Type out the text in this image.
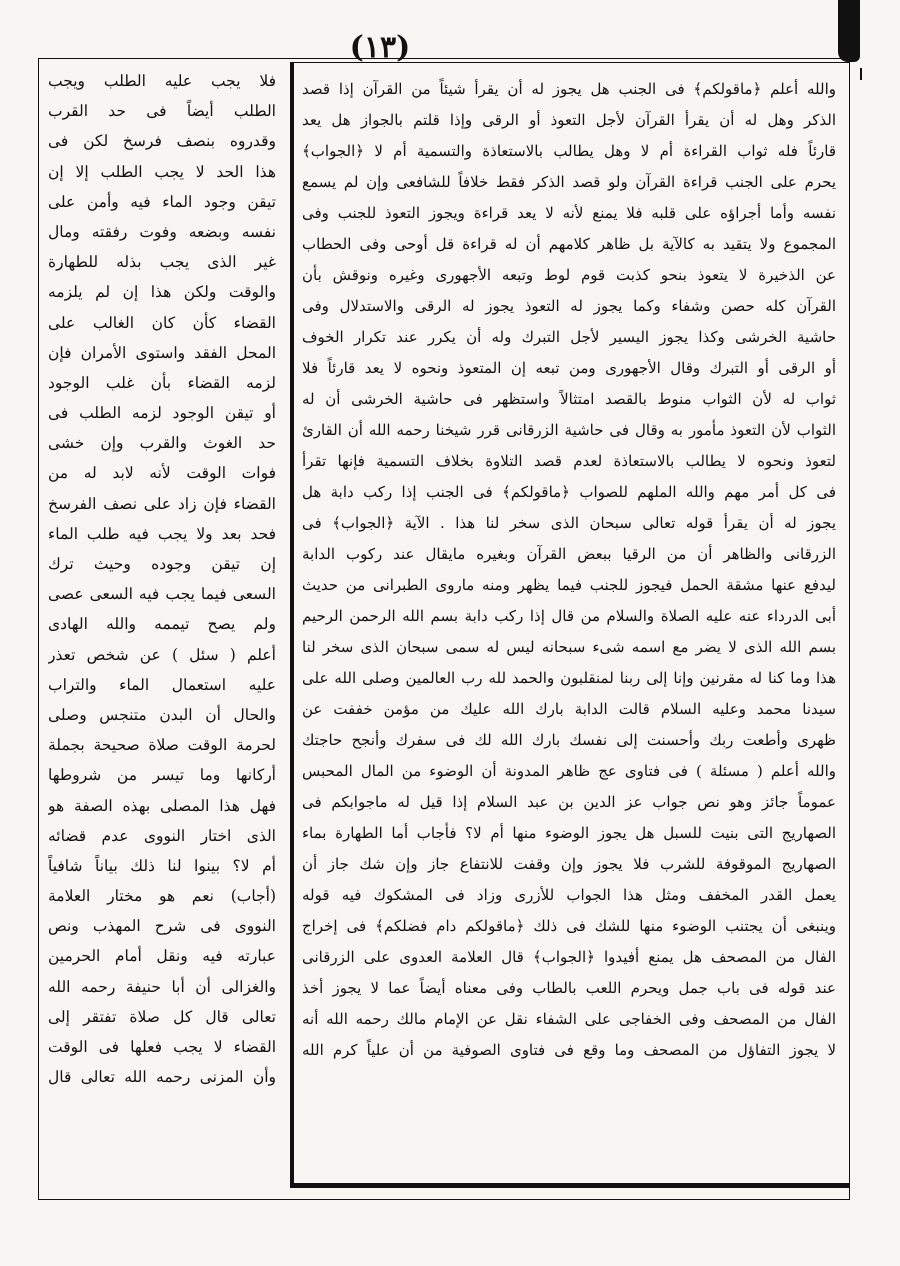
(١٣)
والله أعلم ﴿ماقولكم﴾ فى الجنب هل يجوز له أن يقرأ شيئاً من القرآن إذا قصد
الذكر وهل له أن يقرأ القرآن لأجل التعوذ أو الرقى وإذا قلتم بالجواز هل يعد
قارئاً فله ثواب القراءة أم لا وهل يطالب بالاستعاذة والتسمية أم لا ﴿الجواب﴾
يحرم على الجنب قراءة القرآن ولو قصد الذكر فقط خلافاً للشافعى وإن لم يسمع
نفسه وأما أجراؤه على قلبه فلا يمنع لأنه لا يعد قراءة ويجوز التعوذ للجنب وفى
المجموع ولا يتقيد به كالآية بل ظاهر كلامهم أن له قراءة قل أوحى وفى الحطاب
عن الذخيرة لا يتعوذ بنحو كذبت قوم لوط وتبعه الأجهورى وغيره ونوقش بأن
القرآن كله حصن وشفاء وكما يجوز له التعوذ يجوز له الرقى والاستدلال وفى
حاشية الخرشى وكذا يجوز اليسير لأجل التبرك وله أن يكرر عند تكرار الخوف
أو الرقى أو التبرك وقال الأجهورى ومن تبعه إن المتعوذ ونحوه لا يعد قارئاً فلا
ثواب له لأن الثواب منوط بالقصد امتثالاً واستظهر فى حاشية الخرشى أن له
الثواب لأن التعوذ مأمور به وقال فى حاشية الزرقانى قرر شيخنا رحمه الله أن القارئ
لتعوذ ونحوه لا يطالب بالاستعاذة لعدم قصد التلاوة بخلاف التسمية فإنها تقرأ
فى كل أمر مهم والله الملهم للصواب ﴿ماقولكم﴾ فى الجنب إذا ركب دابة هل
يجوز له أن يقرأ قوله تعالى سبحان الذى سخر لنا هذا . الآية ﴿الجواب﴾ فى
الزرقانى والظاهر أن من الرقيا ببعض القرآن وبغيره مايقال عند ركوب الدابة
ليدفع عنها مشقة الحمل فيجوز للجنب فيما يظهر ومنه ماروى الطبرانى من حديث
أبى الدرداء عنه عليه الصلاة والسلام من قال إذا ركب دابة بسم الله الرحمن الرحيم
بسم الله الذى لا يضر مع اسمه شىء سبحانه ليس له سمى سبحان الذى سخر لنا
هذا وما كنا له مقرنين وإنا إلى ربنا لمنقلبون والحمد لله رب العالمين وصلى الله على
سيدنا محمد وعليه السلام قالت الدابة بارك الله عليك من مؤمن خففت عن
ظهرى وأطعت ربك وأحسنت إلى نفسك بارك الله لك فى سفرك وأنجح حاجتك
والله أعلم ( مسئلة ) فى فتاوى عج ظاهر المدونة أن الوضوء من المال المحبس
عموماً جائز وهو نص جواب عز الدين بن عبد السلام إذا قيل له ماجوابكم فى
الصهاريج التى بنيت للسبل هل يجوز الوضوء منها أم لا؟ فأجاب أما الطهارة بماء
الصهاريج الموقوفة للشرب فلا يجوز وإن وقفت للانتفاع جاز وإن شك جاز أن
يعمل القدر المخفف ومثل هذا الجواب للأزرى وزاد فى المشكوك فيه قوله
وينبغى أن يجتنب الوضوء منها للشك فى ذلك ﴿ماقولكم دام فضلكم﴾ فى إخراج
الفال من المصحف هل يمنع أفيدوا ﴿الجواب﴾ قال العلامة العدوى على الزرقانى
عند قوله فى باب جمل ويحرم اللعب بالطاب وفى معناه أيضاً عما لا يجوز أخذ
الفال من المصحف وفى الخفاجى على الشفاء نقل عن الإمام مالك رحمه الله أنه
لا يجوز التفاؤل من المصحف وما وقع فى فتاوى الصوفية من أن علياً كرم الله
فلا يجب عليه الطلب ويجب
الطلب أيضاً فى حد القرب
وقدروه بنصف فرسخ لكن فى
هذا الحد لا يجب الطلب إلا إن
تيقن وجود الماء فيه وأمن على
نفسه وبضعه وفوت رفقته ومال
غير الذى يجب بذله للطهارة
والوقت ولكن هذا إن لم يلزمه
القضاء كأن كان الغالب على
المحل الفقد واستوى الأمران فإن
لزمه القضاء بأن غلب الوجود
أو تيقن الوجود لزمه الطلب فى
حد الغوث والقرب وإن خشى
فوات الوقت لأنه لابد له من
القضاء فإن زاد على نصف الفرسخ
فحد بعد ولا يجب فيه طلب الماء
إن تيقن وجوده وحيث ترك
السعى فيما يجب فيه السعى عصى
ولم يصح تيممه والله الهادى
أعلم ( سئل ) عن شخص تعذر
عليه استعمال الماء والتراب
والحال أن البدن متنجس وصلى
لحرمة الوقت صلاة صحيحة بجملة
أركانها وما تيسر من شروطها
فهل هذا المصلى بهذه الصفة هو
الذى اختار النووى عدم قضائه
أم لا؟ بينوا لنا ذلك بياناً شافياً
(أجاب) نعم هو مختار العلامة
النووى فى شرح المهذب ونص
عبارته فيه ونقل أمام الحرمين
والغزالى أن أبا حنيفة رحمه الله
تعالى قال كل صلاة تفتقر إلى
القضاء لا يجب فعلها فى الوقت
وأن المزنى رحمه الله تعالى قال
